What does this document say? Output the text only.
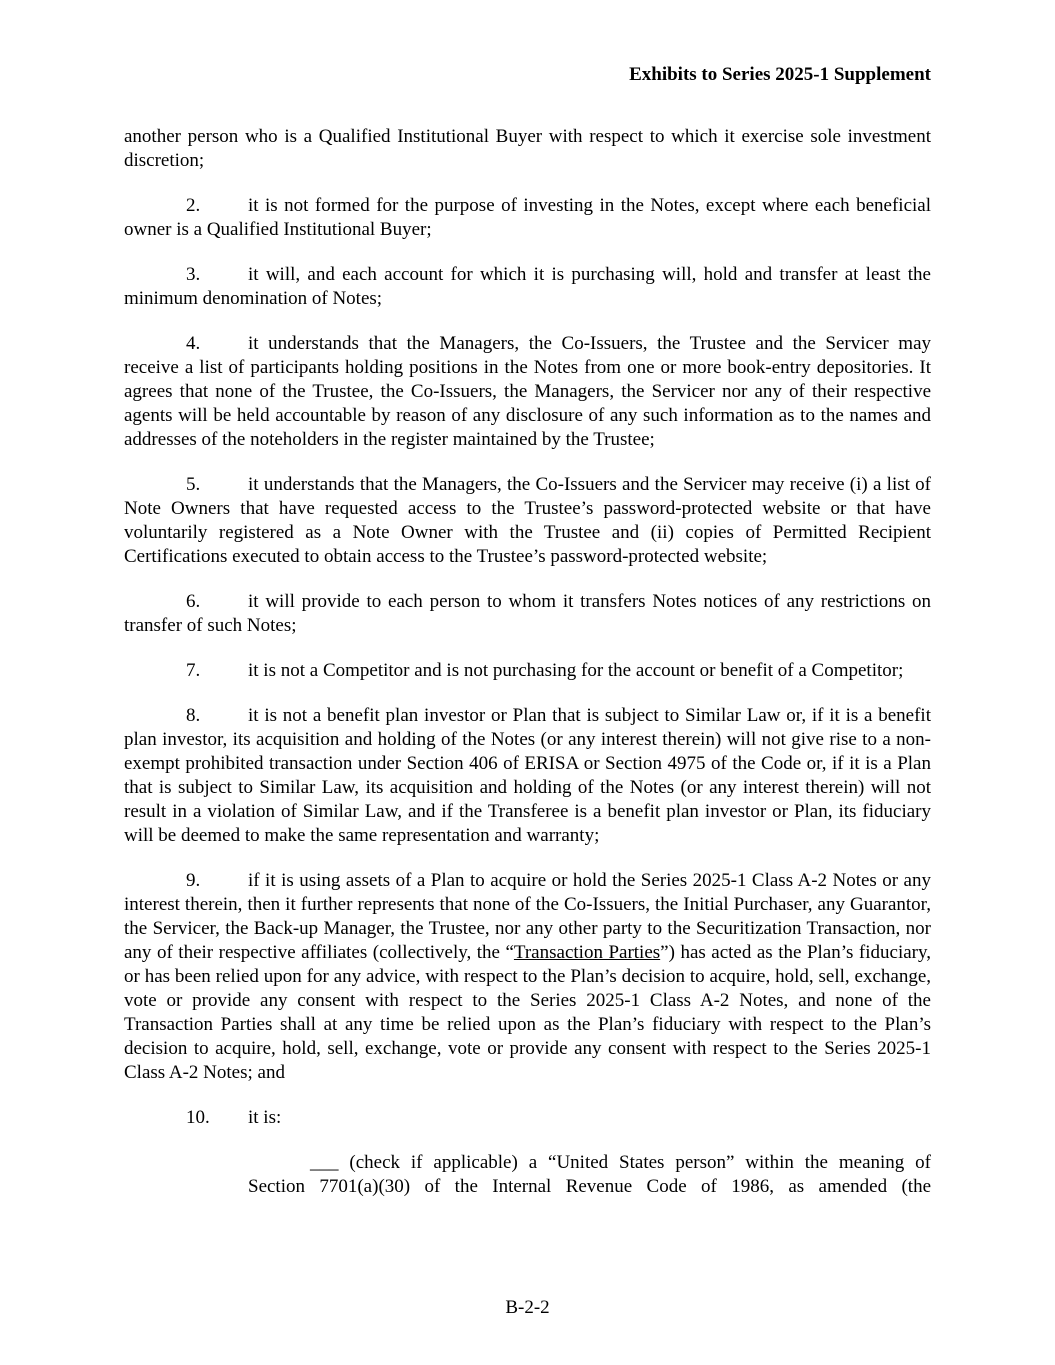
Exhibits to Series 2025-1 Supplement

another person who is a Qualified Institutional Buyer with respect to which it exercise sole investment discretion;

2.	it is not formed for the purpose of investing in the Notes, except where each beneficial owner is a Qualified Institutional Buyer;

3.	it will, and each account for which it is purchasing will, hold and transfer at least the minimum denomination of Notes;

4.	it understands that the Managers, the Co-Issuers, the Trustee and the Servicer may receive a list of participants holding positions in the Notes from one or more book-entry depositories. It agrees that none of the Trustee, the Co-Issuers, the Managers, the Servicer nor any of their respective agents will be held accountable by reason of any disclosure of any such information as to the names and addresses of the noteholders in the register maintained by the Trustee;

5.	it understands that the Managers, the Co-Issuers and the Servicer may receive (i) a list of Note Owners that have requested access to the Trustee’s password-protected website or that have voluntarily registered as a Note Owner with the Trustee and (ii) copies of Permitted Recipient Certifications executed to obtain access to the Trustee’s password-protected website;

6.	it will provide to each person to whom it transfers Notes notices of any restrictions on transfer of such Notes;

7.	it is not a Competitor and is not purchasing for the account or benefit of a Competitor;

8.	it is not a benefit plan investor or Plan that is subject to Similar Law or, if it is a benefit plan investor, its acquisition and holding of the Notes (or any interest therein) will not give rise to a non-exempt prohibited transaction under Section 406 of ERISA or Section 4975 of the Code or, if it is a Plan that is subject to Similar Law, its acquisition and holding of the Notes (or any interest therein) will not result in a violation of Similar Law, and if the Transferee is a benefit plan investor or Plan, its fiduciary will be deemed to make the same representation and warranty;

9.	if it is using assets of a Plan to acquire or hold the Series 2025-1 Class A-2 Notes or any interest therein, then it further represents that none of the Co-Issuers, the Initial Purchaser, any Guarantor, the Servicer, the Back-up Manager, the Trustee, nor any other party to the Securitization Transaction, nor any of their respective affiliates (collectively, the “Transaction Parties”) has acted as the Plan’s fiduciary, or has been relied upon for any advice, with respect to the Plan’s decision to acquire, hold, sell, exchange, vote or provide any consent with respect to the Series 2025-1 Class A-2 Notes, and none of the Transaction Parties shall at any time be relied upon as the Plan’s fiduciary with respect to the Plan’s decision to acquire, hold, sell, exchange, vote or provide any consent with respect to the Series 2025-1 Class A-2 Notes; and

10. it is:

___ (check if applicable) a “United States person” within the meaning of
Section 7701(a)(30) of the Internal Revenue Code of 1986, as amended (the
B-2-2
